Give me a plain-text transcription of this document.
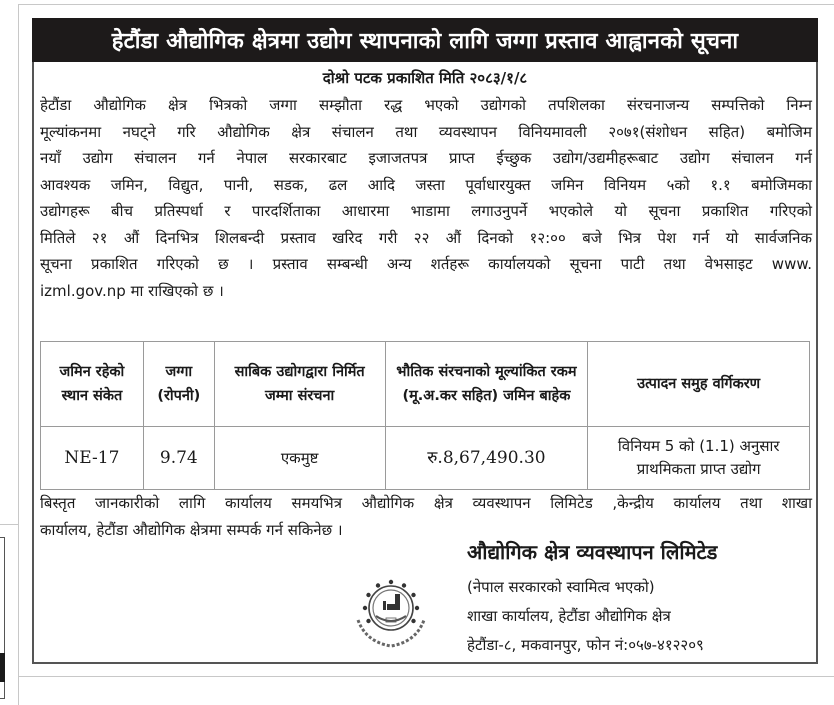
हेटौंडा औद्योगिक क्षेत्रमा उद्योग स्थापनाको लागि जग्गा प्रस्ताव आह्वानको सूचना
दोश्रो पटक प्रकाशित मिति २०८३/१/८
हेटौंडा औद्योगिक क्षेत्र भित्रको जग्गा सम्झौता रद्ध भएको उद्योगको तपशिलका संरचनाजन्य सम्पत्तिको निम्न
मूल्यांकनमा नघट्ने गरि औद्योगिक क्षेत्र संचालन तथा व्यवस्थापन विनियमावली २०७१(संशोधन सहित) बमोजिम
नयाँ उद्योग संचालन गर्न नेपाल सरकारबाट इजाजतपत्र प्राप्त ईच्छुक उद्योग/उद्यमीहरूबाट उद्योग संचालन गर्न
आवश्यक जमिन, विद्युत, पानी, सडक, ढल आदि जस्ता पूर्वाधारयुक्त जमिन विनियम ५को १.१ बमोजिमका
उद्योगहरू बीच प्रतिस्पर्धा र पारदर्शिताका आधारमा भाडामा लगाउनुपर्ने भएकोले यो सूचना प्रकाशित गरिएको
मितिले २१ औं दिनभित्र शिलबन्दी प्रस्ताव खरिद गरी २२ औं दिनको १२:०० बजे भित्र पेश गर्न यो सार्वजनिक
सूचना प्रकाशित गरिएको छ । प्रस्ताव सम्बन्धी अन्य शर्तहरू कार्यालयको सूचना पाटी तथा वेभसाइट www.
izml.gov.np मा राखिएको छ ।
जमिन रहेको स्थान संकेत	जग्गा (रोपनी)	साबिक उद्योगद्वारा निर्मित जम्मा संरचना	भौतिक संरचनाको मूल्यांकित रकम (मू.अ.कर सहित) जमिन बाहेक	उत्पादन समुह वर्गिकरण
NE-17	9.74	एकमुष्ट	रु.8,67,490.30	विनियम 5 को (1.1) अनुसार प्राथमिकता प्राप्त उद्योग
बिस्तृत जानकारीको लागि कार्यालय समयभित्र औद्योगिक क्षेत्र व्यवस्थापन लिमिटेड ,केन्द्रीय कार्यालय तथा शाखा
कार्यालय, हेटौंडा औद्योगिक क्षेत्रमा सम्पर्क गर्न सकिनेछ ।
औद्योगिक क्षेत्र व्यवस्थापन लिमिटेड
(नेपाल सरकारको स्वामित्व भएको)
शाखा कार्यालय, हेटौंडा औद्योगिक क्षेत्र
हेटौंडा-८, मकवानपुर, फोन नं:०५७-४१२२०९
